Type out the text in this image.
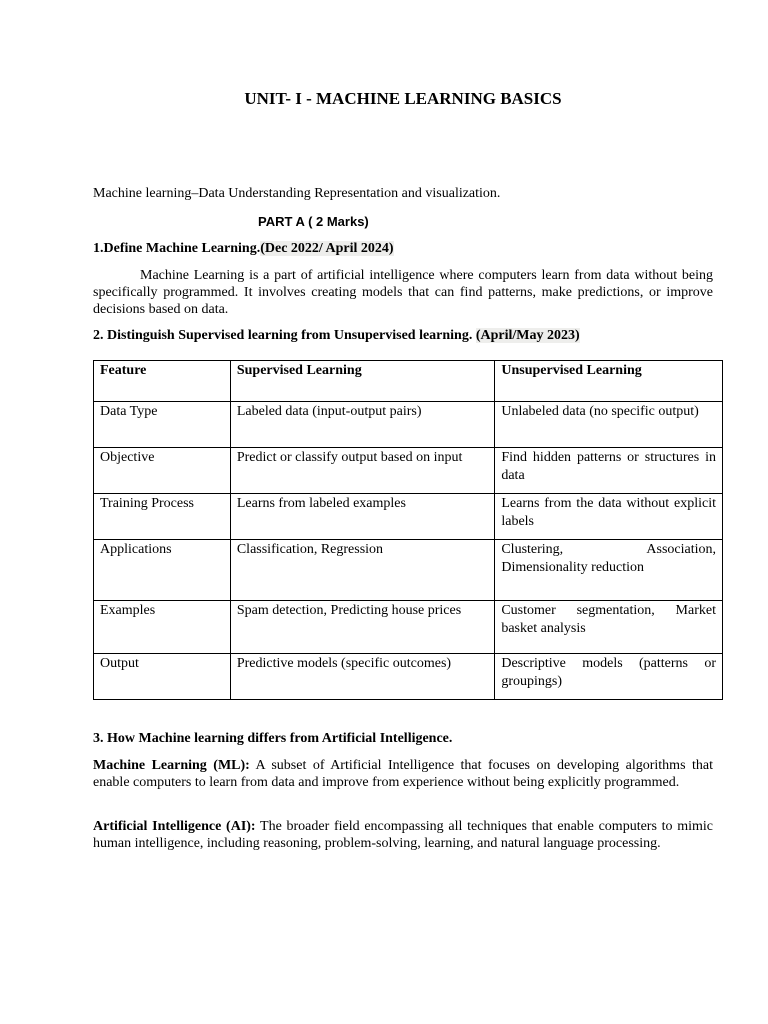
UNIT- I - MACHINE LEARNING BASICS
Machine learning–Data Understanding Representation and visualization.
PART A ( 2 Marks)
1.Define Machine Learning.(Dec 2022/ April 2024)
Machine Learning is a part of artificial intelligence where computers learn from data without being specifically programmed. It involves creating models that can find patterns, make predictions, or improve decisions based on data.
2. Distinguish Supervised learning from Unsupervised learning. (April/May 2023)
Feature	Supervised Learning	Unsupervised Learning

Data Type	Labeled data (input-output pairs)	Unlabeled data (no specific output)

Objective	Predict or classify output based on input	Find hidden patterns or structures in data

Training Process	Learns from labeled examples	Learns from the data without explicit labels

Applications	Classification, Regression	Clustering, Association, Dimensionality reduction

Examples	Spam detection, Predicting house prices	Customer segmentation, Market basket analysis

Output	Predictive models (specific outcomes)	Descriptive models (patterns or groupings)
3. How Machine learning differs from Artificial Intelligence.
Machine Learning (ML): A subset of Artificial Intelligence that focuses on developing algorithms that enable computers to learn from data and improve from experience without being explicitly programmed.
Artificial Intelligence (AI): The broader field encompassing all techniques that enable computers to mimic human intelligence, including reasoning, problem-solving, learning, and natural language processing.
